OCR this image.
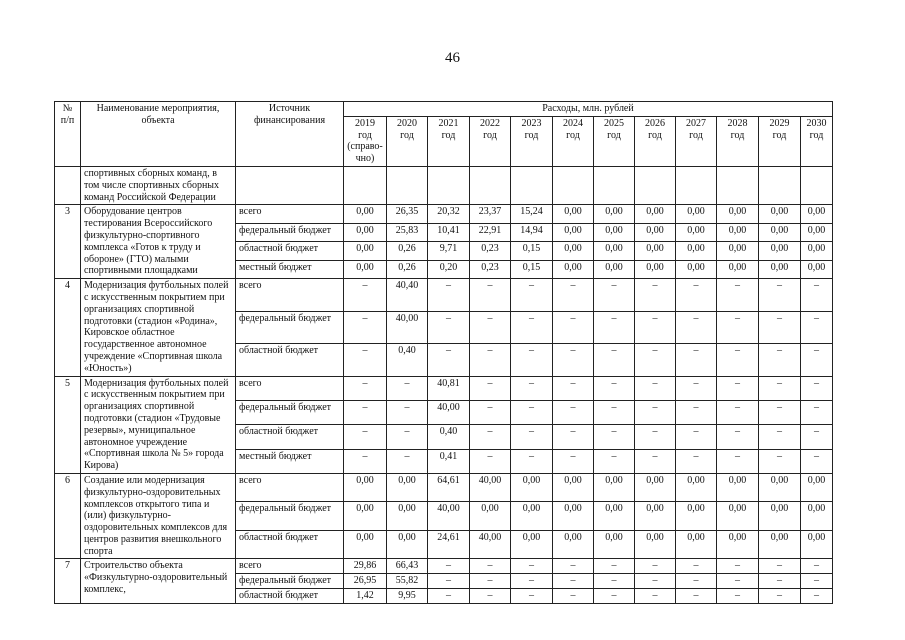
46
№ п/п	Наименование мероприятия, объекта	Источник финансирования	Расходы, млн. рублей											
			2019 год (справо-чно)	2020 год	2021 год	2022 год	2023 год	2024 год	2025 год	2026 год	2027 год	2028 год	2029 год	2030 год
	спортивных сборных команд, в том числе спортивных сборных команд Российской Федерации													
3	Оборудование центров тестирования Всероссийского физкультурно-спортивного комплекса «Готов к труду и обороне» (ГТО) малыми спортивными площадками	всего	0,00	26,35	20,32	23,37	15,24	0,00	0,00	0,00	0,00	0,00	0,00	0,00
		федеральный бюджет	0,00	25,83	10,41	22,91	14,94	0,00	0,00	0,00	0,00	0,00	0,00	0,00
		областной бюджет	0,00	0,26	9,71	0,23	0,15	0,00	0,00	0,00	0,00	0,00	0,00	0,00
		местный бюджет	0,00	0,26	0,20	0,23	0,15	0,00	0,00	0,00	0,00	0,00	0,00	0,00
4	Модернизация футбольных полей с искусственным покрытием при организациях спортивной подготовки (стадион «Родина», Кировское областное государственное автономное учреждение «Спортивная школа «Юность»)	всего	–	40,40	–	–	–	–	–	–	–	–	–	–
		федеральный бюджет	–	40,00	–	–	–	–	–	–	–	–	–	–
		областной бюджет	–	0,40	–	–	–	–	–	–	–	–	–	–
5	Модернизация футбольных полей с искусственным покрытием при организациях спортивной подготовки (стадион «Трудовые резервы», муниципальное автономное учреждение «Спортивная школа № 5» города Кирова)	всего	–	–	40,81	–	–	–	–	–	–	–	–	–
		федеральный бюджет	–	–	40,00	–	–	–	–	–	–	–	–	–
		областной бюджет	–	–	0,40	–	–	–	–	–	–	–	–	–
		местный бюджет	–	–	0,41	–	–	–	–	–	–	–	–	–
6	Создание или модернизация физкультурно-оздоровительных комплексов открытого типа и (или) физкультурно-оздоровительных комплексов для центров развития внешкольного спорта	всего	0,00	0,00	64,61	40,00	0,00	0,00	0,00	0,00	0,00	0,00	0,00	0,00
		федеральный бюджет	0,00	0,00	40,00	0,00	0,00	0,00	0,00	0,00	0,00	0,00	0,00	0,00
		областной бюджет	0,00	0,00	24,61	40,00	0,00	0,00	0,00	0,00	0,00	0,00	0,00	0,00
7	Строительство объекта «Физкультурно-оздоровительный комплекс,	всего	29,86	66,43	–	–	–	–	–	–	–	–	–	–
		федеральный бюджет	26,95	55,82	–	–	–	–	–	–	–	–	–	–
		областной бюджет	1,42	9,95	–	–	–	–	–	–	–	–	–	–
